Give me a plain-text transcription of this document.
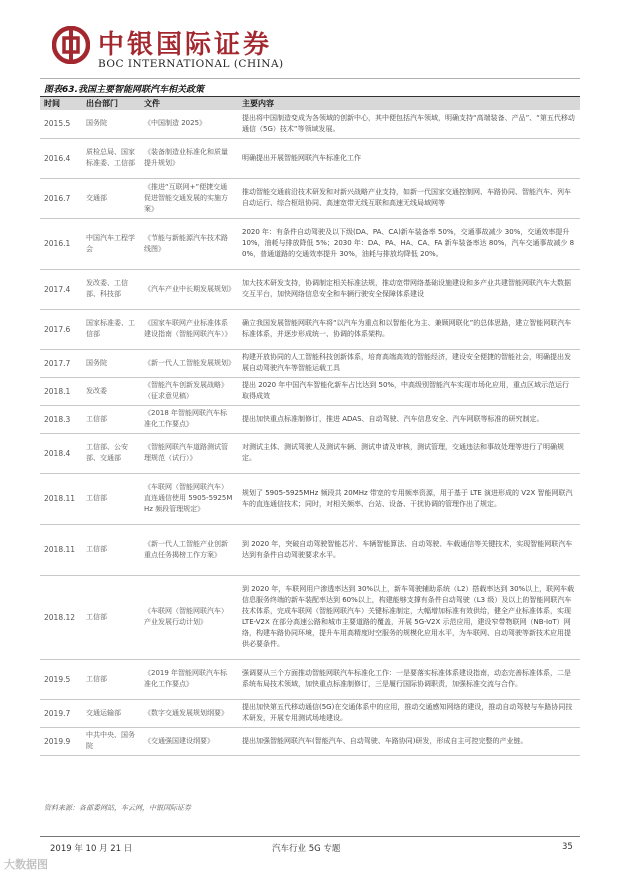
中银国际证券
BOC INTERNATIONAL (CHINA)
图表63.我国主要智能网联汽车相关政策
时间	出台部门	文件	主要内容
2015.5	国务院	《中国制造 2025》	提出将中国制造变成为各领域的创新中心，其中便包括汽车领域，明确支持“高端装备、产品”、“第五代移动通信（5G）技术”等领域发展。
2016.4	质检总局、国家标准委、工信部	《装备制造业标准化和质量提升规划》	明确提出开展智能网联汽车标准化工作
2016.7	交通部	《推进“互联网+”便捷交通促进智能交通发展的实施方案》	推动智能交通前沿技术研发和对新兴战略产业支持，如新一代国家交通控制网、车路协同、智能汽车、列车自动运行、综合枢纽协同、高速宽带无线互联和高速无线局域网等
2016.1	中国汽车工程学会	《节能与新能源汽车技术路线图》	2020 年：有条件自动驾驶及以下级(DA、PA、CA)新车装备率 50%，交通事故减少 30%，交通效率提升 10%，油耗与排放降低 5%；2030 年：DA、PA、HA、CA、FA 新车装备率达 80%，汽车交通事故减少 80%，普通道路的交通效率提升 30%，油耗与排放均降低 20%。
2017.4	发改委、工信部、科技部	《汽车产业中长期发展规划》	加大技术研发支持，协调制定相关标准法规，推动宽带网络基础设施建设和多产业共建智能网联汽车大数据交互平台，加快网络信息安全和车辆行驶安全保障体系建设
2017.6	国家标准委、工信部	《国家车联网产业标准体系建设指南（智能网联汽车）》	确立我国发展智能网联汽车将“以汽车为重点和以智能化为主、兼顾网联化”的总体思路，建立智能网联汽车标准体系，并逐步形成统一、协调的体系架构。
2017.7	国务院	《新一代人工智能发展规划》	构建开放协同的人工智能科技创新体系，培育高端高效的智能经济，建设安全便捷的智能社会，明确提出发展自动驾驶汽车等智能运载工具
2018.1	发改委	《智能汽车创新发展战略》（征求意见稿）	提出 2020 年中国汽车智能化新车占比达到 50%，中高级别智能汽车实现市场化应用，重点区域示范运行取得成效
2018.3	工信部	《2018 年智能网联汽车标准化工作要点》	提出加快重点标准制修订，推进 ADAS、自动驾驶、汽车信息安全、汽车网联等标准的研究制定。
2018.4	工信部、公安部、交通部	《智能网联汽车道路测试管理规范（试行）》	对测试主体、测试驾驶人及测试车辆、测试申请及审核，测试管理，交通违法和事故处理等进行了明确规定。
2018.11	工信部	《车联网（智能网联汽车）直连通信使用 5905-5925MHz 频段管理规定》	规划了 5905-5925MHz 频段共 20MHz 带宽的专用频率资源，用于基于 LTE 演进形成的 V2X 智能网联汽车的直连通信技术；同时，对相关频率、台站、设备、干扰协调的管理作出了规定。
2018.11	工信部	《新一代人工智能产业创新重点任务揭榜工作方案》	到 2020 年，突破自动驾驶智能芯片、车辆智能算法、自动驾驶、车载通信等关键技术，实现智能网联汽车达到有条件自动驾驶要求水平。
2018.12	工信部	《车联网（智能网联汽车）产业发展行动计划》	到 2020 年，车联网用户渗透率达到 30%以上，新车驾驶辅助系统（L2）搭载率达到 30%以上，联网车载信息服务终端的新车装配率达到 60%以上，构建能够支撑有条件自动驾驶（L3 级）及以上的智能网联汽车技术体系，完成车联网（智能网联汽车）关键标准制定，大幅增加标准有效供给，健全产业标准体系，实现 LTE-V2X 在部分高速公路和城市主要道路的覆盖，开展 5G-V2X 示范应用，建设窄带物联网（NB-IoT）网络，构建车路协同环境，提升车用高精度时空服务的规模化应用水平，为车联网、自动驾驶等新技术应用提供必要条件。
2019.5	工信部	《2019 年智能网联汽车标准化工作要点》	强调要从三个方面推动智能网联汽车标准化工作：一是要落实标准体系建设指南，动态完善标准体系，二是系统布局技术领域，加快重点标准制修订，三是履行国际协调职责，加强标准交流与合作。
2019.7	交通运输部	《数字交通发展规划纲要》	提出加快第五代移动通信(5G)在交通体系中的应用，推动交通感知网络的建设，推动自动驾驶与车路协同技术研发，开展专用测试场地建设。
2019.9	中共中央、国务院	《交通强国建设纲要》	提出加强智能网联汽车(智能汽车、自动驾驶、车路协同)研发，形成自主可控完整的产业链。
资料来源：各部委网站，车云网，中银国际证券
2019 年 10 月 21 日	汽车行业 5G 专题	35
大数据图
